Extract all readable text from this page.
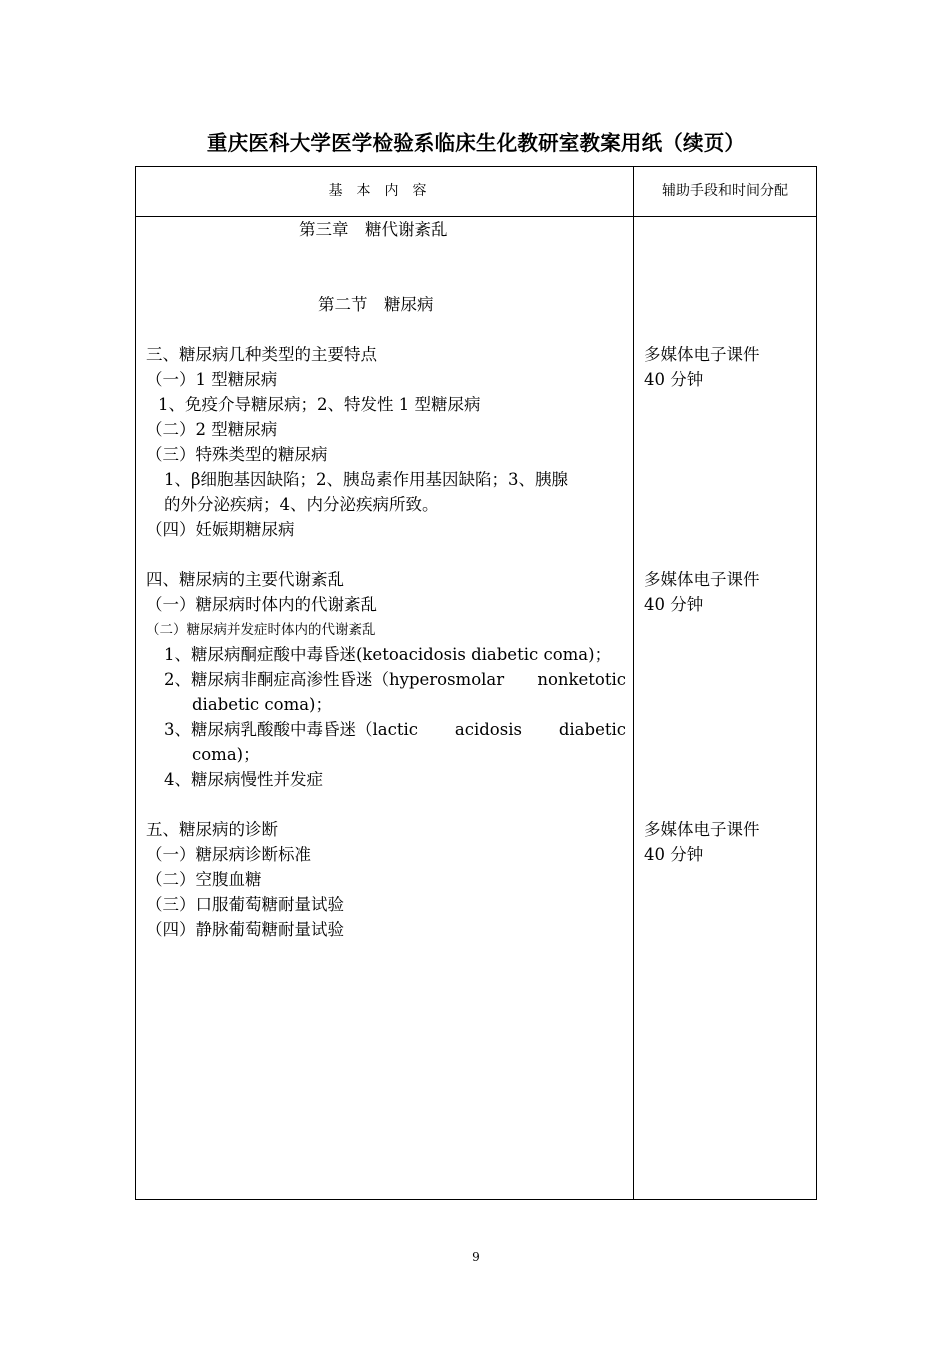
重庆医科大学医学检验系临床生化教研室教案用纸（续页）
基本内容	辅助手段和时间分配
第三章　糖代谢紊乱
第二节　糖尿病
三、糖尿病几种类型的主要特点
（一）1 型糖尿病
1、免疫介导糖尿病；2、特发性 1 型糖尿病
（二）2 型糖尿病
（三）特殊类型的糖尿病
1、β细胞基因缺陷；2、胰岛素作用基因缺陷；3、胰腺
的外分泌疾病；4、内分泌疾病所致。
（四）妊娠期糖尿病
四、糖尿病的主要代谢紊乱
（一）糖尿病时体内的代谢紊乱
（二）糖尿病并发症时体内的代谢紊乱
1、糖尿病酮症酸中毒昏迷(ketoacidosis diabetic coma)；
2、糖尿病非酮症高渗性昏迷（hyperosmolar nonketotic
diabetic coma)；
3、糖尿病乳酸酸中毒昏迷（lactic acidosis diabetic
coma)；
4、糖尿病慢性并发症
五、糖尿病的诊断
（一）糖尿病诊断标准
（二）空腹血糖
（三）口服葡萄糖耐量试验
（四）静脉葡萄糖耐量试验
多媒体电子课件
40 分钟
多媒体电子课件
40 分钟
多媒体电子课件
40 分钟
9
